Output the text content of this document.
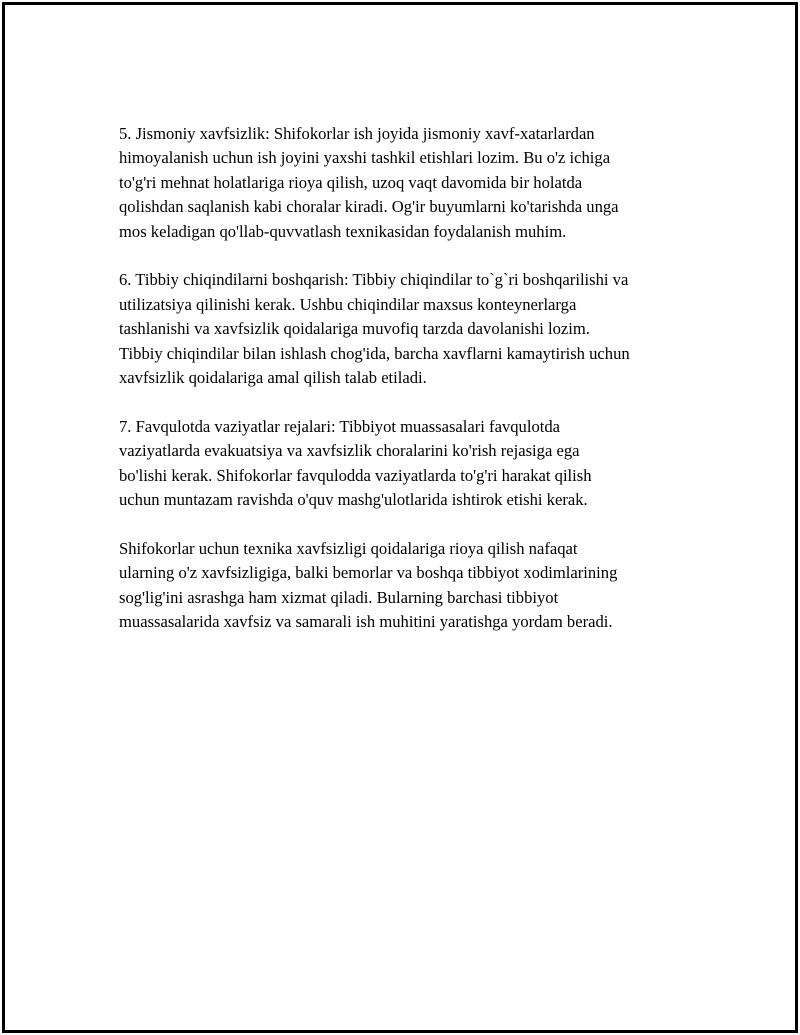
5. Jismoniy xavfsizlik: Shifokorlar ish joyida jismoniy xavf-xatarlardan
himoyalanish uchun ish joyini yaxshi tashkil etishlari lozim. Bu o'z ichiga
to'g'ri mehnat holatlariga rioya qilish, uzoq vaqt davomida bir holatda
qolishdan saqlanish kabi choralar kiradi. Og'ir buyumlarni ko'tarishda unga
mos keladigan qo'llab-quvvatlash texnikasidan foydalanish muhim.

6. Tibbiy chiqindilarni boshqarish: Tibbiy chiqindilar to`g`ri boshqarilishi va
utilizatsiya qilinishi kerak. Ushbu chiqindilar maxsus konteynerlarga
tashlanishi va xavfsizlik qoidalariga muvofiq tarzda davolanishi lozim.
Tibbiy chiqindilar bilan ishlash chog'ida, barcha xavflarni kamaytirish uchun
xavfsizlik qoidalariga amal qilish talab etiladi.

7. Favqulotda vaziyatlar rejalari: Tibbiyot muassasalari favqulotda
vaziyatlarda evakuatsiya va xavfsizlik choralarini ko'rish rejasiga ega
bo'lishi kerak. Shifokorlar favqulodda vaziyatlarda to'g'ri harakat qilish
uchun muntazam ravishda o'quv mashg'ulotlarida ishtirok etishi kerak.

Shifokorlar uchun texnika xavfsizligi qoidalariga rioya qilish nafaqat
ularning o'z xavfsizligiga, balki bemorlar va boshqa tibbiyot xodimlarining
sog'lig'ini asrashga ham xizmat qiladi. Bularning barchasi tibbiyot
muassasalarida xavfsiz va samarali ish muhitini yaratishga yordam beradi.
